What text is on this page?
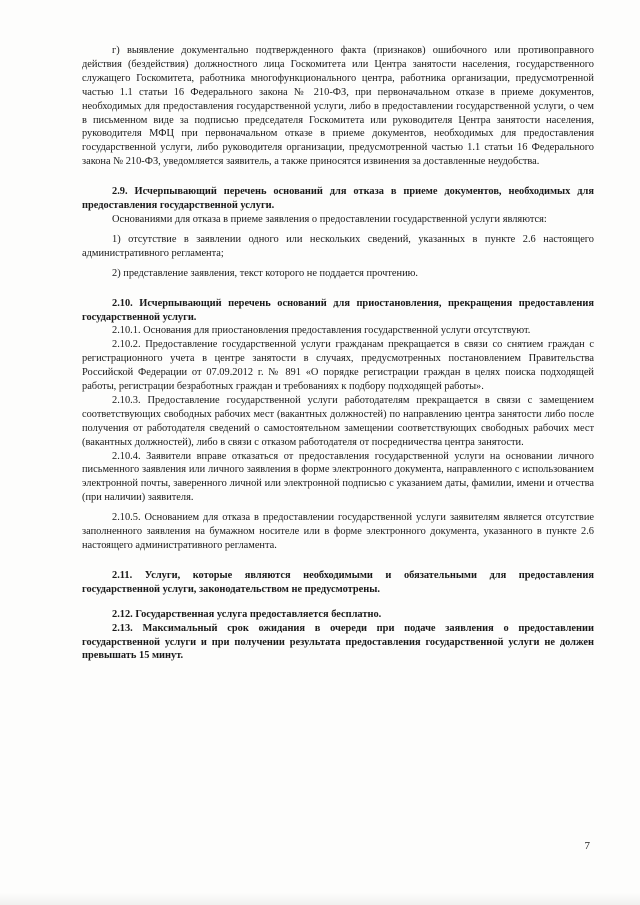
г) выявление документально подтвержденного факта (признаков) ошибочного или противоправного действия (бездействия) должностного лица Госкомитета или Центра занятости населения, государственного служащего Госкомитета, работника многофункционального центра, работника организации, предусмотренной частью 1.1 статьи 16 Федерального закона № 210-ФЗ, при первоначальном отказе в приеме документов, необходимых для предоставления государственной услуги, либо в предоставлении государственной услуги, о чем в письменном виде за подписью председателя Госкомитета или руководителя Центра занятости населения, руководителя МФЦ при первоначальном отказе в приеме документов, необходимых для предоставления государственной услуги, либо руководителя организации, предусмотренной частью 1.1 статьи 16 Федерального закона № 210-ФЗ, уведомляется заявитель, а также приносятся извинения за доставленные неудобства.

2.9. Исчерпывающий перечень оснований для отказа в приеме документов, необходимых для предоставления государственной услуги.

Основаниями для отказа в приеме заявления о предоставлении государственной услуги являются:

1) отсутствие в заявлении одного или нескольких сведений, указанных в пункте 2.6 настоящего административного регламента;

2) представление заявления, текст которого не поддается прочтению.

2.10. Исчерпывающий перечень оснований для приостановления, прекращения предоставления государственной услуги.

2.10.1. Основания для приостановления предоставления государственной услуги отсутствуют.

2.10.2. Предоставление государственной услуги гражданам прекращается в связи со снятием граждан с регистрационного учета в центре занятости в случаях, предусмотренных постановлением Правительства Российской Федерации от 07.09.2012 г. № 891 «О порядке регистрации граждан в целях поиска подходящей работы, регистрации безработных граждан и требованиях к подбору подходящей работы».

2.10.3. Предоставление государственной услуги работодателям прекращается в связи с замещением соответствующих свободных рабочих мест (вакантных должностей) по направлению центра занятости либо после получения от работодателя сведений о самостоятельном замещении соответствующих свободных рабочих мест (вакантных должностей), либо в связи с отказом работодателя от посредничества центра занятости.

2.10.4. Заявители вправе отказаться от предоставления государственной услуги на основании личного письменного заявления или личного заявления в форме электронного документа, направленного с использованием электронной почты, заверенного личной или электронной подписью с указанием даты, фамилии, имени и отчества (при наличии) заявителя.

2.10.5. Основанием для отказа в предоставлении государственной услуги заявителям является отсутствие заполненного заявления на бумажном носителе или в форме электронного документа, указанного в пункте 2.6 настоящего административного регламента.

2.11. Услуги, которые являются необходимыми и обязательными для предоставления государственной услуги, законодательством не предусмотрены.

2.12. Государственная услуга предоставляется бесплатно.

2.13. Максимальный срок ожидания в очереди при подаче заявления о предоставлении государственной услуги и при получении результата предоставления государственной услуги не должен превышать 15 минут.

7
